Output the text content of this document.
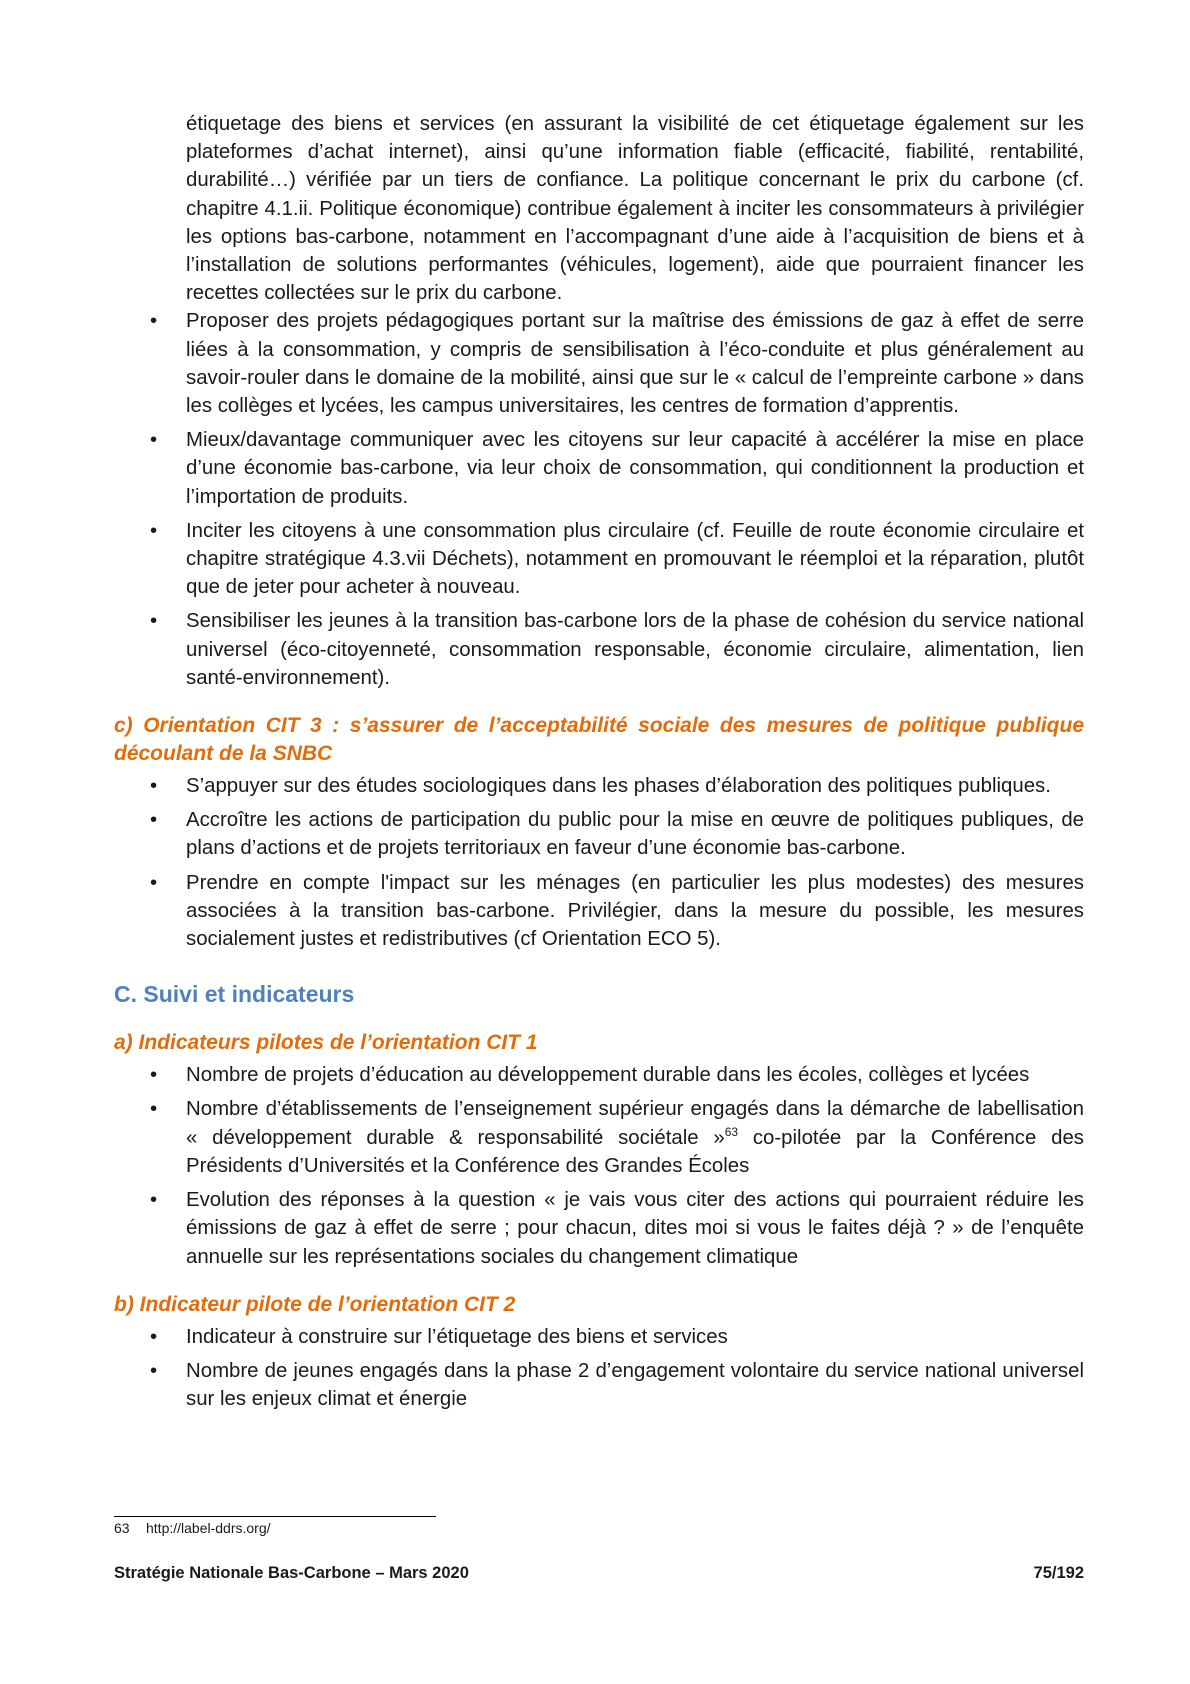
étiquetage des biens et services (en assurant la visibilité de cet étiquetage également sur les plateformes d’achat internet), ainsi qu’une information fiable (efficacité, fiabilité, rentabilité, durabilité…) vérifiée par un tiers de confiance. La politique concernant le prix du carbone (cf. chapitre 4.1.ii. Politique économique) contribue également à inciter les consommateurs à privilégier les options bas-carbone, notamment en l’accompagnant d’une aide à l’acquisition de biens et à l’installation de solutions performantes (véhicules, logement), aide que pourraient financer les recettes collectées sur le prix du carbone.

• Proposer des projets pédagogiques portant sur la maîtrise des émissions de gaz à effet de serre liées à la consommation, y compris de sensibilisation à l’éco-conduite et plus généralement au savoir-rouler dans le domaine de la mobilité, ainsi que sur le « calcul de l’empreinte carbone » dans les collèges et lycées, les campus universitaires, les centres de formation d’apprentis.
• Mieux/davantage communiquer avec les citoyens sur leur capacité à accélérer la mise en place d’une économie bas-carbone, via leur choix de consommation, qui conditionnent la production et l’importation de produits.
• Inciter les citoyens à une consommation plus circulaire (cf. Feuille de route économie circulaire et chapitre stratégique 4.3.vii Déchets), notamment en promouvant le réemploi et la réparation, plutôt que de jeter pour acheter à nouveau.
• Sensibiliser les jeunes à la transition bas-carbone lors de la phase de cohésion du service national universel (éco-citoyenneté, consommation responsable, économie circulaire, alimentation, lien santé-environnement).
c) Orientation CIT 3 : s’assurer de l’acceptabilité sociale des mesures de politique publique découlant de la SNBC
• S’appuyer sur des études sociologiques dans les phases d’élaboration des politiques publiques.
• Accroître les actions de participation du public pour la mise en œuvre de politiques publiques, de plans d’actions et de projets territoriaux en faveur d’une économie bas-carbone.
• Prendre en compte l'impact sur les ménages (en particulier les plus modestes) des mesures associées à la transition bas-carbone. Privilégier, dans la mesure du possible, les mesures socialement justes et redistributives (cf Orientation ECO 5).
C. Suivi et indicateurs
a) Indicateurs pilotes de l’orientation CIT 1
• Nombre de projets d’éducation au développement durable dans les écoles, collèges et lycées
• Nombre d’établissements de l’enseignement supérieur engagés dans la démarche de labellisation « développement durable & responsabilité sociétale »$^{63}$ co-pilotée par la Conférence des Présidents d’Universités et la Conférence des Grandes Écoles
• Evolution des réponses à la question « je vais vous citer des actions qui pourraient réduire les émissions de gaz à effet de serre ; pour chacun, dites moi si vous le faites déjà ? » de l’enquête annuelle sur les représentations sociales du changement climatique
b) Indicateur pilote de l’orientation CIT 2
• Indicateur à construire sur l’étiquetage des biens et services
• Nombre de jeunes engagés dans la phase 2 d’engagement volontaire du service national universel sur les enjeux climat et énergie
63 http://label-ddrs.org/
Stratégie Nationale Bas-Carbone – Mars 2020	75/192
